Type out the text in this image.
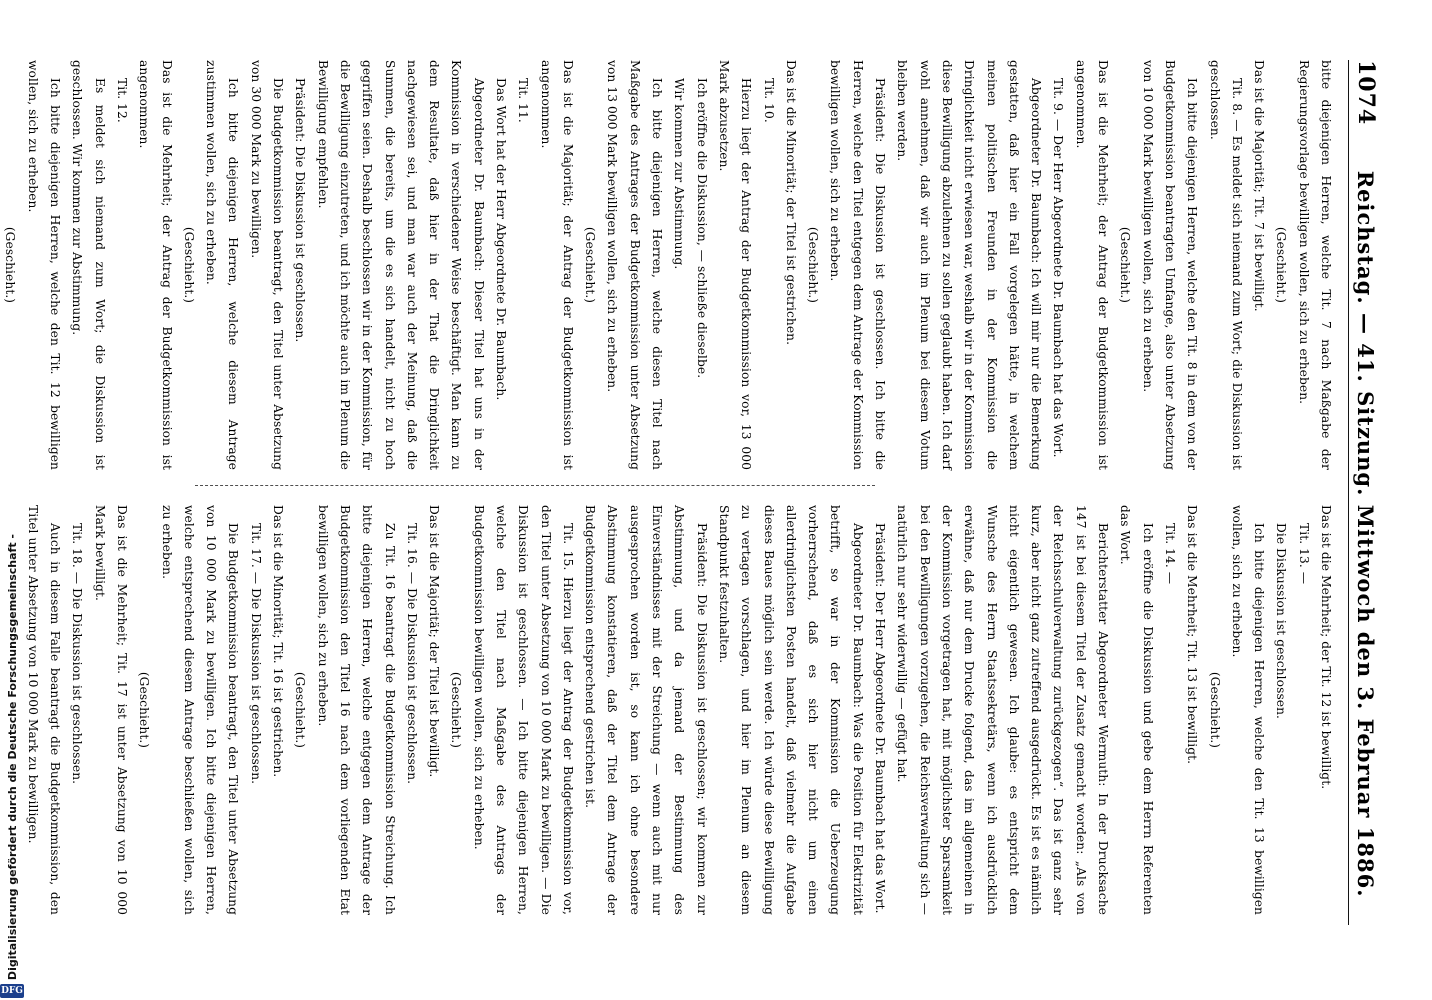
1074
Reichstag. — 41. Sitzung. Mittwoch den 3. Februar 1886.

bitte diejenigen Herren, welche Tit. 7 nach Maßgabe der Regierungsvorlage bewilligen wollen, sich zu erheben.

(Geschieht.)

Das ist die Majorität; Tit. 7 ist bewilligt.

Tit. 8. — Es meldet sich niemand zum Wort; die Diskussion ist geschlossen.

Ich bitte diejenigen Herren, welche den Tit. 8 in dem von der Budgetkommission beantragten Umfange, also unter Absetzung von 10 000 Mark bewilligen wollen, sich zu erheben.

(Geschieht.)

Das ist die Mehrheit; der Antrag der Budgetkommission ist angenommen.

Tit. 9. — Der Herr Abgeordnete Dr. Baumbach hat das Wort.

Abgeordneter Dr. Baumbach: Ich will mir nur die Bemerkung gestatten, daß hier ein Fall vorgelegen hätte, in welchem meinen politischen Freunden in der Kommission die Dringlichkeit nicht erwiesen war, weshalb wir in der Kommission diese Bewilligung abzulehnen zu sollen geglaubt haben. Ich darf wohl annehmen, daß wir auch im Plenum bei diesem Votum bleiben werden.

Präsident: Die Diskussion ist geschlossen. Ich bitte die Herren, welche den Titel entgegen dem Antrage der Kommission bewilligen wollen, sich zu erheben.

(Geschieht.)

Das ist die Minorität; der Titel ist gestrichen.

Tit. 10.

Hierzu liegt der Antrag der Budgetkommission vor, 13 000 Mark abzusetzen.

Ich eröffne die Diskussion, — schließe dieselbe.

Wir kommen zur Abstimmung.

Ich bitte diejenigen Herren, welche diesen Titel nach Maßgabe des Antrages der Budgetkommission unter Absetzung von 13 000 Mark bewilligen wollen, sich zu erheben.

(Geschieht.)

Das ist die Majorität; der Antrag der Budgetkommission ist angenommen.

Tit. 11.

Das Wort hat der Herr Abgeordnete Dr. Baumbach.

Abgeordneter Dr. Baumbach: Dieser Titel hat uns in der Kommission in verschiedener Weise beschäftigt. Man kann zu dem Resultate, daß hier in der That die Dringlichkeit nachgewiesen sei, und man war auch der Meinung, daß die Summen, die bereits, um die es sich handelt, nicht zu hoch gegriffen seien. Deshalb beschlossen wir in der Kommission, für die Bewilligung einzutreten, und ich möchte auch im Plenum die Bewilligung empfehlen.

Präsident: Die Diskussion ist geschlossen.

Die Budgetkommission beantragt, den Titel unter Absetzung von 30 000 Mark zu bewilligen.

Ich bitte diejenigen Herren, welche diesem Antrage zustimmen wollen, sich zu erheben.

(Geschieht.)

Das ist die Mehrheit; der Antrag der Budgetkommission ist angenommen.

Tit. 12.

Es meldet sich niemand zum Wort; die Diskussion ist geschlossen. Wir kommen zur Abstimmung.

Ich bitte diejenigen Herren, welche den Tit. 12 bewilligen wollen, sich zu erheben.

(Geschieht.)

Das ist die Mehrheit; der Tit. 12 ist bewilligt.

Tit. 13. —

Die Diskussion ist geschlossen.

Ich bitte diejenigen Herren, welche den Tit. 13 bewilligen wollen, sich zu erheben.

(Geschieht.)

Das ist die Mehrheit; Tit. 13 ist bewilligt.

Tit. 14. —

Ich eröffne die Diskussion und gebe dem Herrn Referenten das Wort.

Berichterstatter Abgeordneter Wermuth: In der Drucksache 147 ist bei diesem Titel der Zusatz gemacht worden: „Als von der Reichsschulverwaltung zurückgezogen“. Das ist ganz sehr kurz, aber nicht ganz zutreffend ausgedrückt. Es ist es nämlich nicht eigentlich gewesen. Ich glaube: es entspricht dem Wunsche des Herrn Staatssekretärs, wenn ich ausdrücklich erwähne, daß nur dem Drucke folgend, das im allgemeinen in der Kommission vorgetragen hat, mit möglichster Sparsamkeit bei den Bewilligungen vorzugehen, die Reichsverwaltung sich — natürlich nur sehr widerwillig — gefügt hat.

Präsident: Der Herr Abgeordnete Dr. Baumbach hat das Wort.

Abgeordneter Dr. Baumbach: Was die Position für Elektrizität betrifft, so war in der Kommission die Ueberzeugung vorherrschend, daß es sich hier nicht um einen allerdringlichsten Posten handelt, daß vielmehr die Aufgabe dieses Baues möglich sein werde. Ich würde diese Bewilligung zu vertagen vorschlagen, und hier im Plenum an diesem Standpunkt festzuhalten.

Präsident: Die Diskussion ist geschlossen; wir kommen zur Abstimmung, und da jemand der Bestimmung des Einverständnisses mit der Streichung — wenn auch mit nur ausgesprochen worden ist, so kann ich ohne besondere Abstimmung konstatieren, daß der Titel dem Antrage der Budgetkommission entsprechend gestrichen ist.

Tit. 15. Hierzu liegt der Antrag der Budgetkommission vor, den Titel unter Absetzung von 10 000 Mark zu bewilligen. — Die Diskussion ist geschlossen. — Ich bitte diejenigen Herren, welche den Titel nach Maßgabe des Antrags der Budgetkommission bewilligen wollen, sich zu erheben.

(Geschieht.)

Das ist die Majorität; der Titel ist bewilligt.

Tit. 16. — Die Diskussion ist geschlossen.

Zu Tit. 16 beantragt die Budgetkommission Streichung. Ich bitte diejenigen Herren, welche entgegen dem Antrage der Budgetkommission den Titel 16 nach dem vorliegenden Etat bewilligen wollen, sich zu erheben.

(Geschieht.)

Das ist die Minorität; Tit. 16 ist gestrichen.

Tit. 17. — Die Diskussion ist geschlossen.

Die Budgetkommission beantragt, den Titel unter Absetzung von 10 000 Mark zu bewilligen. Ich bitte diejenigen Herren, welche entsprechend diesem Antrage beschließen wollen, sich zu erheben.

(Geschieht.)

Das ist die Mehrheit; Tit. 17 ist unter Absetzung von 10 000 Mark bewilligt.

Tit. 18. — Die Diskussion ist geschlossen.

Auch in diesem Falle beantragt die Budgetkommission, den Titel unter Absetzung von 10 000 Mark zu bewilligen.

Digitalisierung gefördert durch die Deutsche Forschungsgemeinschaft -
DFG
